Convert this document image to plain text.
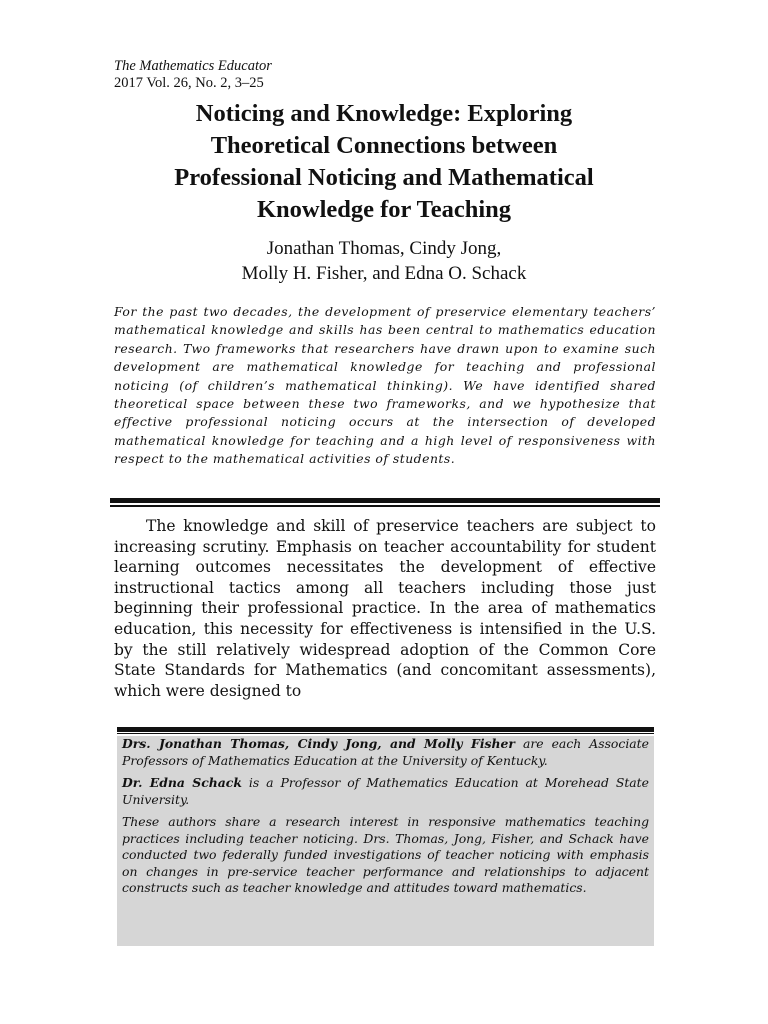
The Mathematics Educator
2017 Vol. 26, No. 2, 3–25
Noticing and Knowledge: Exploring
Theoretical Connections between
Professional Noticing and Mathematical
Knowledge for Teaching
Jonathan Thomas, Cindy Jong,
Molly H. Fisher, and Edna O. Schack
For the past two decades, the development of preservice elementary teachers’ mathematical knowledge and skills has been central to mathematics education research. Two frameworks that researchers have drawn upon to examine such development are mathematical knowledge for teaching and professional noticing (of children’s mathematical thinking). We have identified shared theoretical space between these two frameworks, and we hypothesize that effective professional noticing occurs at the intersection of developed mathematical knowledge for teaching and a high level of responsiveness with respect to the mathematical activities of students.

The knowledge and skill of preservice teachers are subject to increasing scrutiny. Emphasis on teacher accountability for student learning outcomes necessitates the development of effective instructional tactics among all teachers including those just beginning their professional practice. In the area of mathematics education, this necessity for effectiveness is intensified in the U.S. by the still relatively widespread adoption of the Common Core State Standards for Mathematics (and concomitant assessments), which were designed to

Drs. Jonathan Thomas, Cindy Jong, and Molly Fisher are each Associate Professors of Mathematics Education at the University of Kentucky.

Dr. Edna Schack is a Professor of Mathematics Education at Morehead State University.

These authors share a research interest in responsive mathematics teaching practices including teacher noticing. Drs. Thomas, Jong, Fisher, and Schack have conducted two federally funded investigations of teacher noticing with emphasis on changes in pre-service teacher performance and relationships to adjacent constructs such as teacher knowledge and attitudes toward mathematics.
